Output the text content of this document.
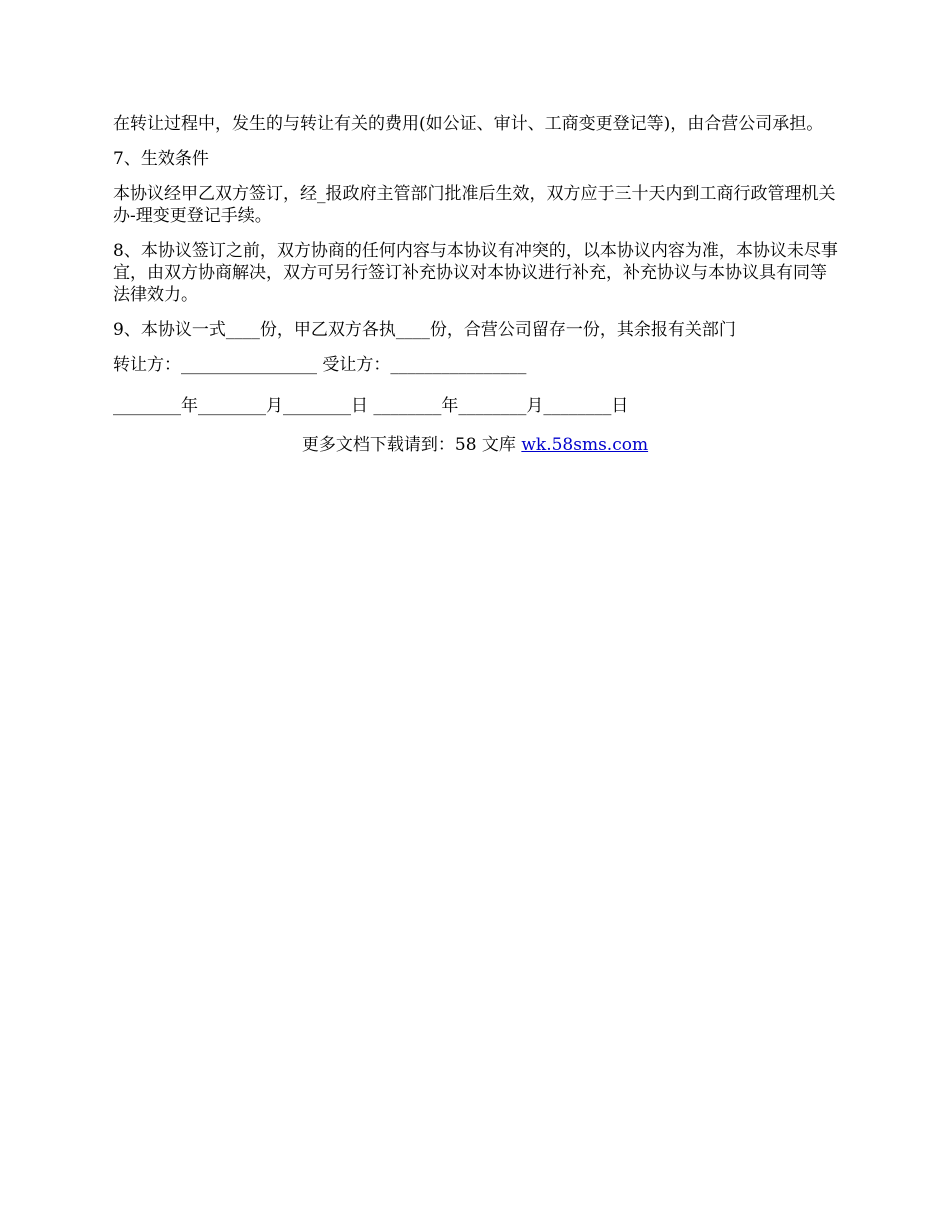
在转让过程中，发生的与转让有关的费用(如公证、审计、工商变更登记等)，由合营公司承担。

7、生效条件

本协议经甲乙双方签订，经_报政府主管部门批准后生效，双方应于三十天内到工商行政管理机关办-理变更登记手续。

8、本协议签订之前，双方协商的任何内容与本协议有冲突的，以本协议内容为准，本协议未尽事宜，由双方协商解决，双方可另行签订补充协议对本协议进行补充，补充协议与本协议具有同等法律效力。

9、本协议一式____份，甲乙双方各执____份，合营公司留存一份，其余报有关部门

转让方：________________ 受让方：________________

________年________月________日 ________年________月________日

更多文档下载请到：58 文库 wk.58sms.com
